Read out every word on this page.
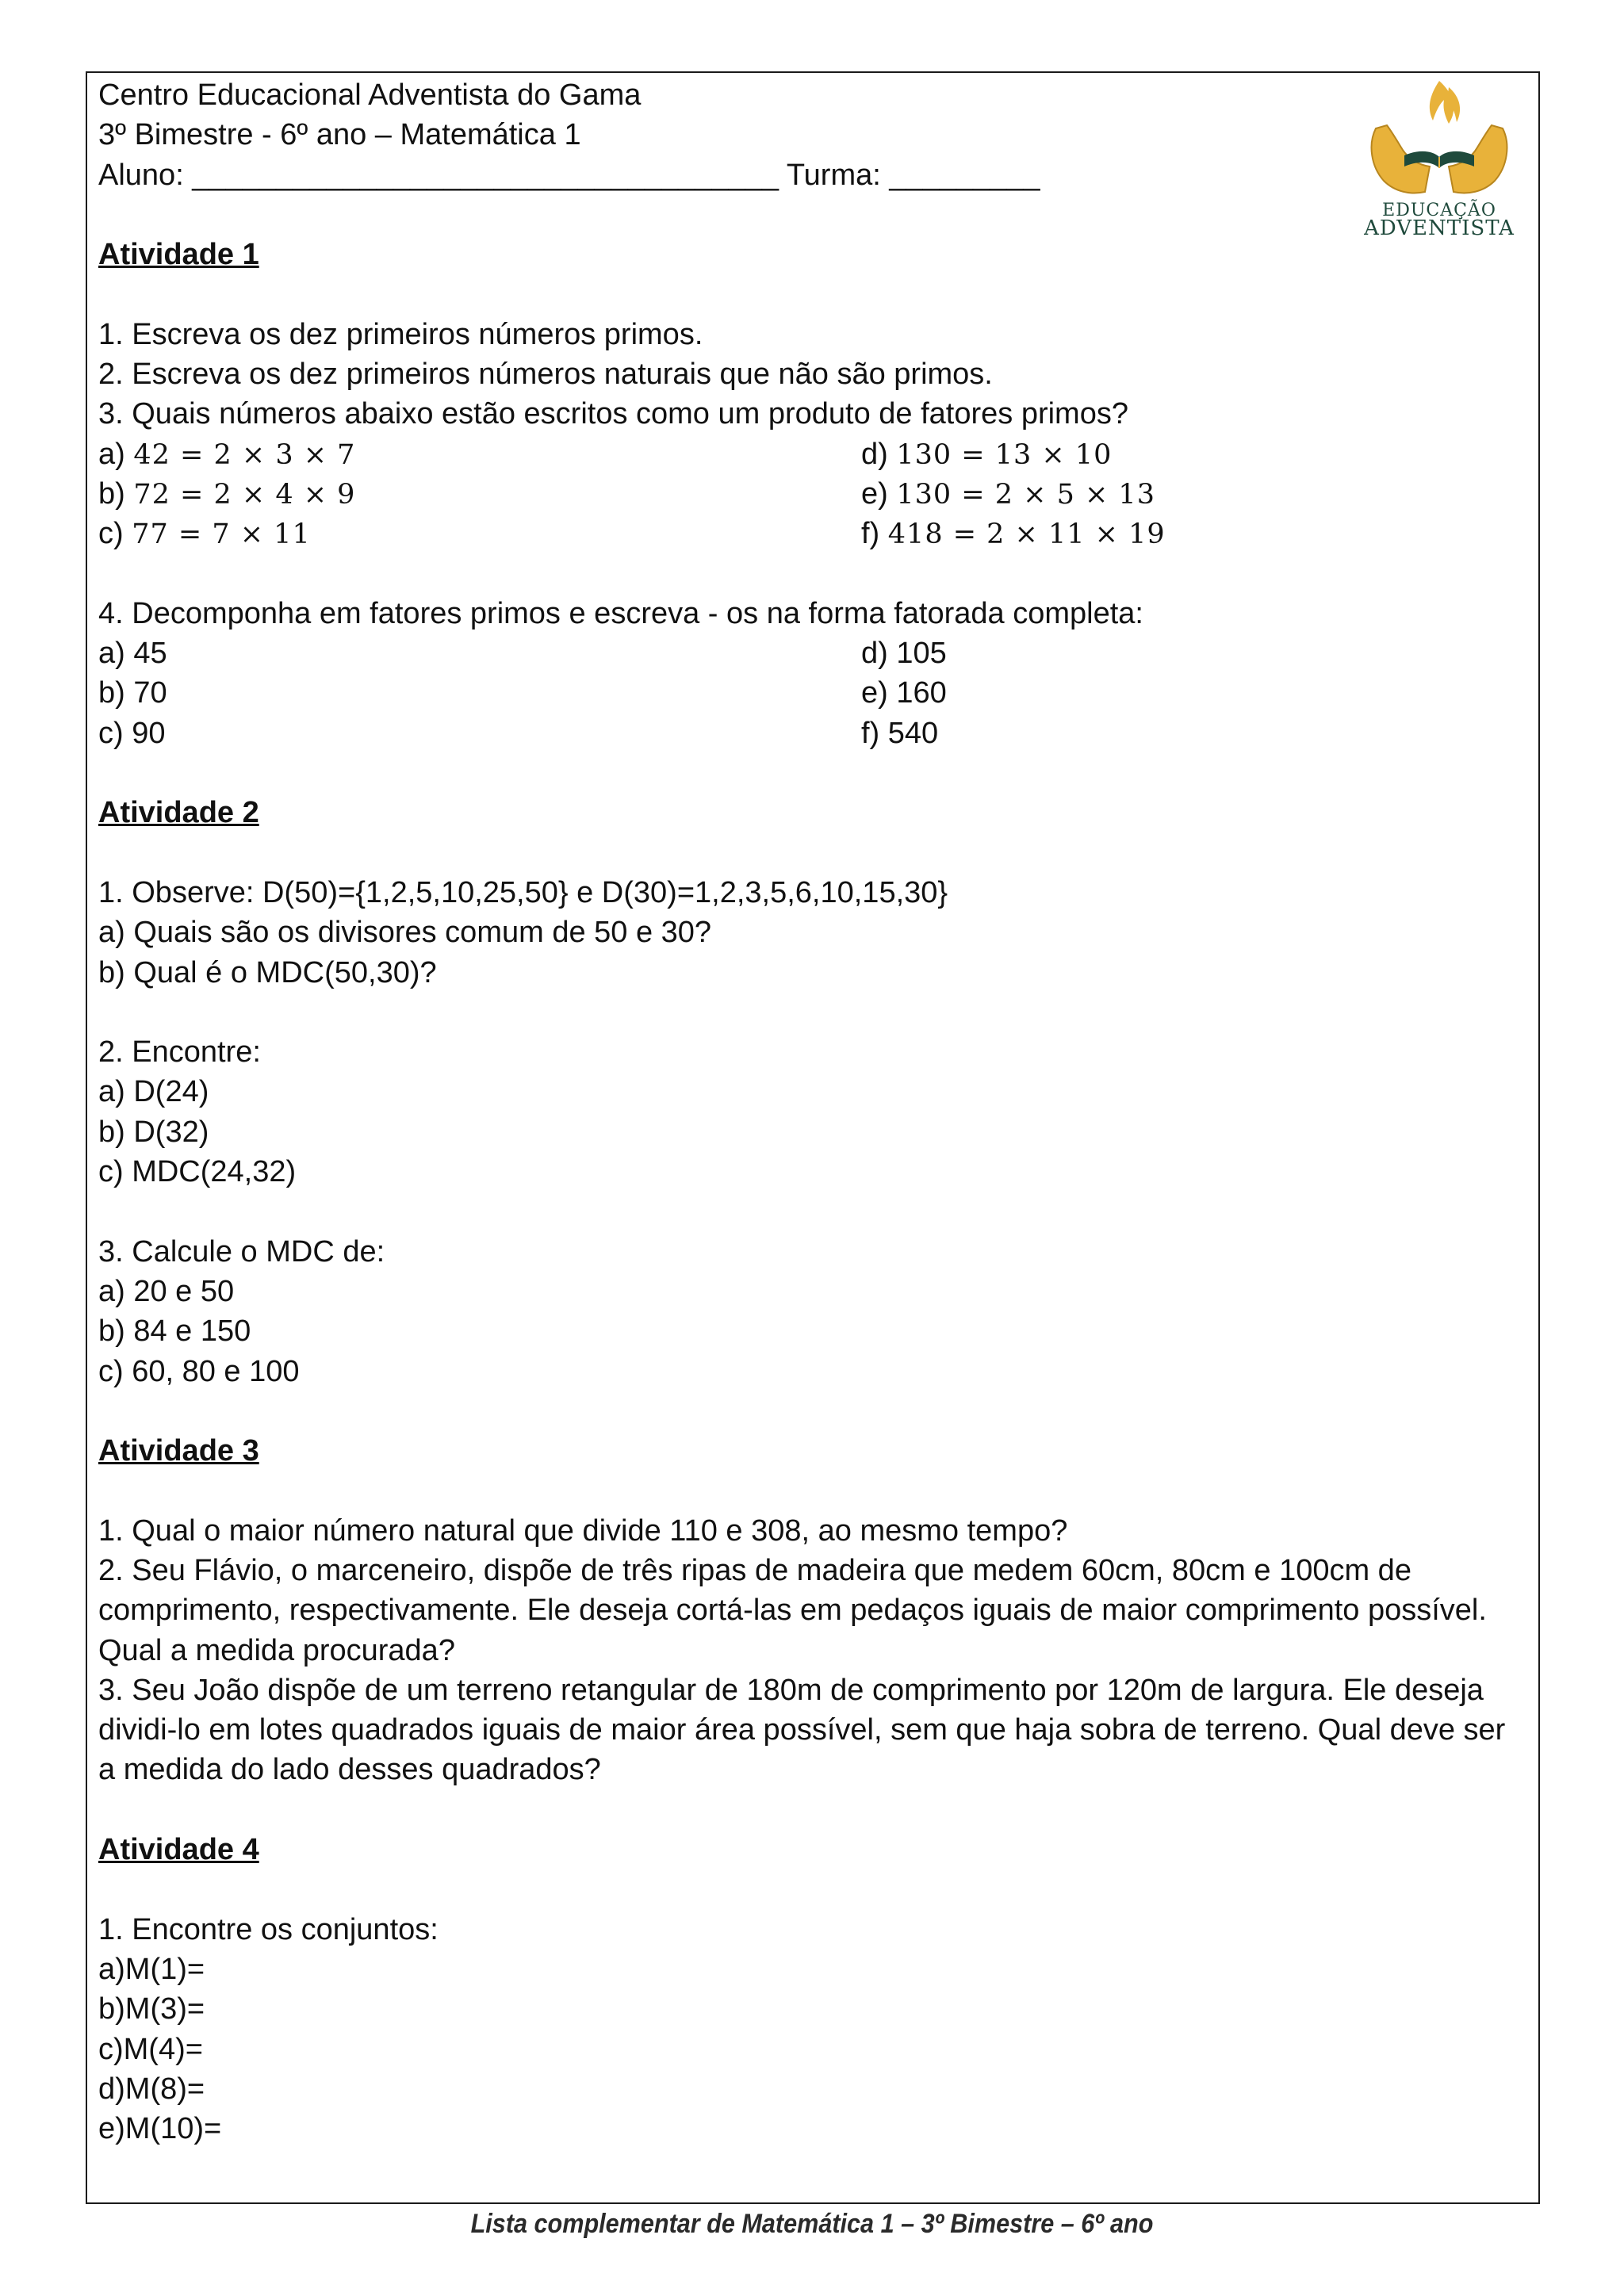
Centro Educacional Adventista do Gama
3º Bimestre - 6º ano – Matemática 1
Aluno: ___________________________________ Turma: _________
Atividade 1
1. Escreva os dez primeiros números primos.
2. Escreva os dez primeiros números naturais que não são primos.
3. Quais números abaixo estão escritos como um produto de fatores primos?
a) 42 = 2 × 3 × 7	d) 130 = 13 × 10
b) 72 = 2 × 4 × 9	e) 130 = 2 × 5 × 13
c) 77 = 7 × 11	f) 418 = 2 × 11 × 19
4. Decomponha em fatores primos e escreva - os na forma fatorada completa:
a) 45	d) 105
b) 70	e) 160
c) 90	f) 540
Atividade 2
1. Observe: D(50)={1,2,5,10,25,50} e D(30)=1,2,3,5,6,10,15,30}
a) Quais são os divisores comum de 50 e 30?
b) Qual é o MDC(50,30)?
2. Encontre:
a) D(24)
b) D(32)
c) MDC(24,32)
3. Calcule o MDC de:
a) 20 e 50
b) 84 e 150
c) 60, 80 e 100
Atividade 3
1. Qual o maior número natural que divide 110 e 308, ao mesmo tempo?
2. Seu Flávio, o marceneiro, dispõe de três ripas de madeira que medem 60cm, 80cm e 100cm de comprimento, respectivamente. Ele deseja cortá-las em pedaços iguais de maior comprimento possível. Qual a medida procurada?
3. Seu João dispõe de um terreno retangular de 180m de comprimento por 120m de largura. Ele deseja dividi-lo em lotes quadrados iguais de maior área possível, sem que haja sobra de terreno. Qual deve ser a medida do lado desses quadrados?
Atividade 4
1. Encontre os conjuntos:
a)M(1)=
b)M(3)=
c)M(4)=
d)M(8)=
e)M(10)=
EDUCAÇÃO
ADVENTISTA
Lista complementar de Matemática 1 – 3º Bimestre – 6º ano
